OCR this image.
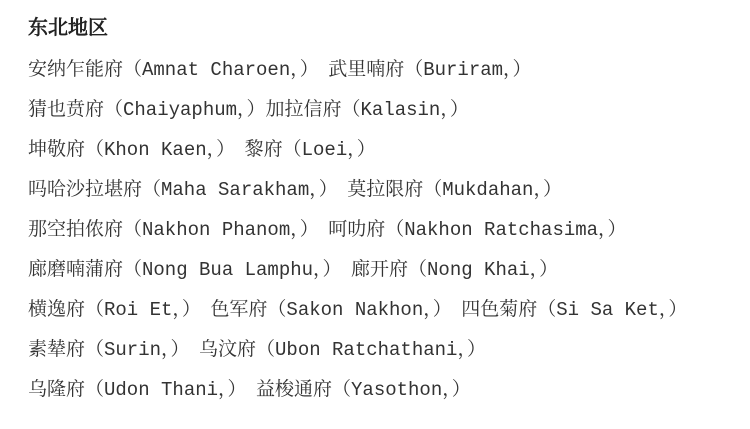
东北地区

安纳乍能府（Amnat Charoen，）　武里喃府（Buriram，）

猜也贲府（Chaiyaphum，）加拉信府（Kalasin，）

坤敬府（Khon Kaen，）　黎府（Loei，）

吗哈沙拉堪府（Maha Sarakham，）　莫拉限府（Mukdahan，）

那空拍侬府（Nakhon Phanom，）　呵叻府（Nakhon Ratchasima，）

廊磨喃蒲府（Nong Bua Lamphu，）　廊开府（Nong Khai，）

横逸府（Roi Et，）　色军府（Sakon Nakhon，）　四色菊府（Si Sa Ket，）

素辇府（Surin，）　乌汶府（Ubon Ratchathani，）

乌隆府（Udon Thani，）　益梭通府（Yasothon，）
